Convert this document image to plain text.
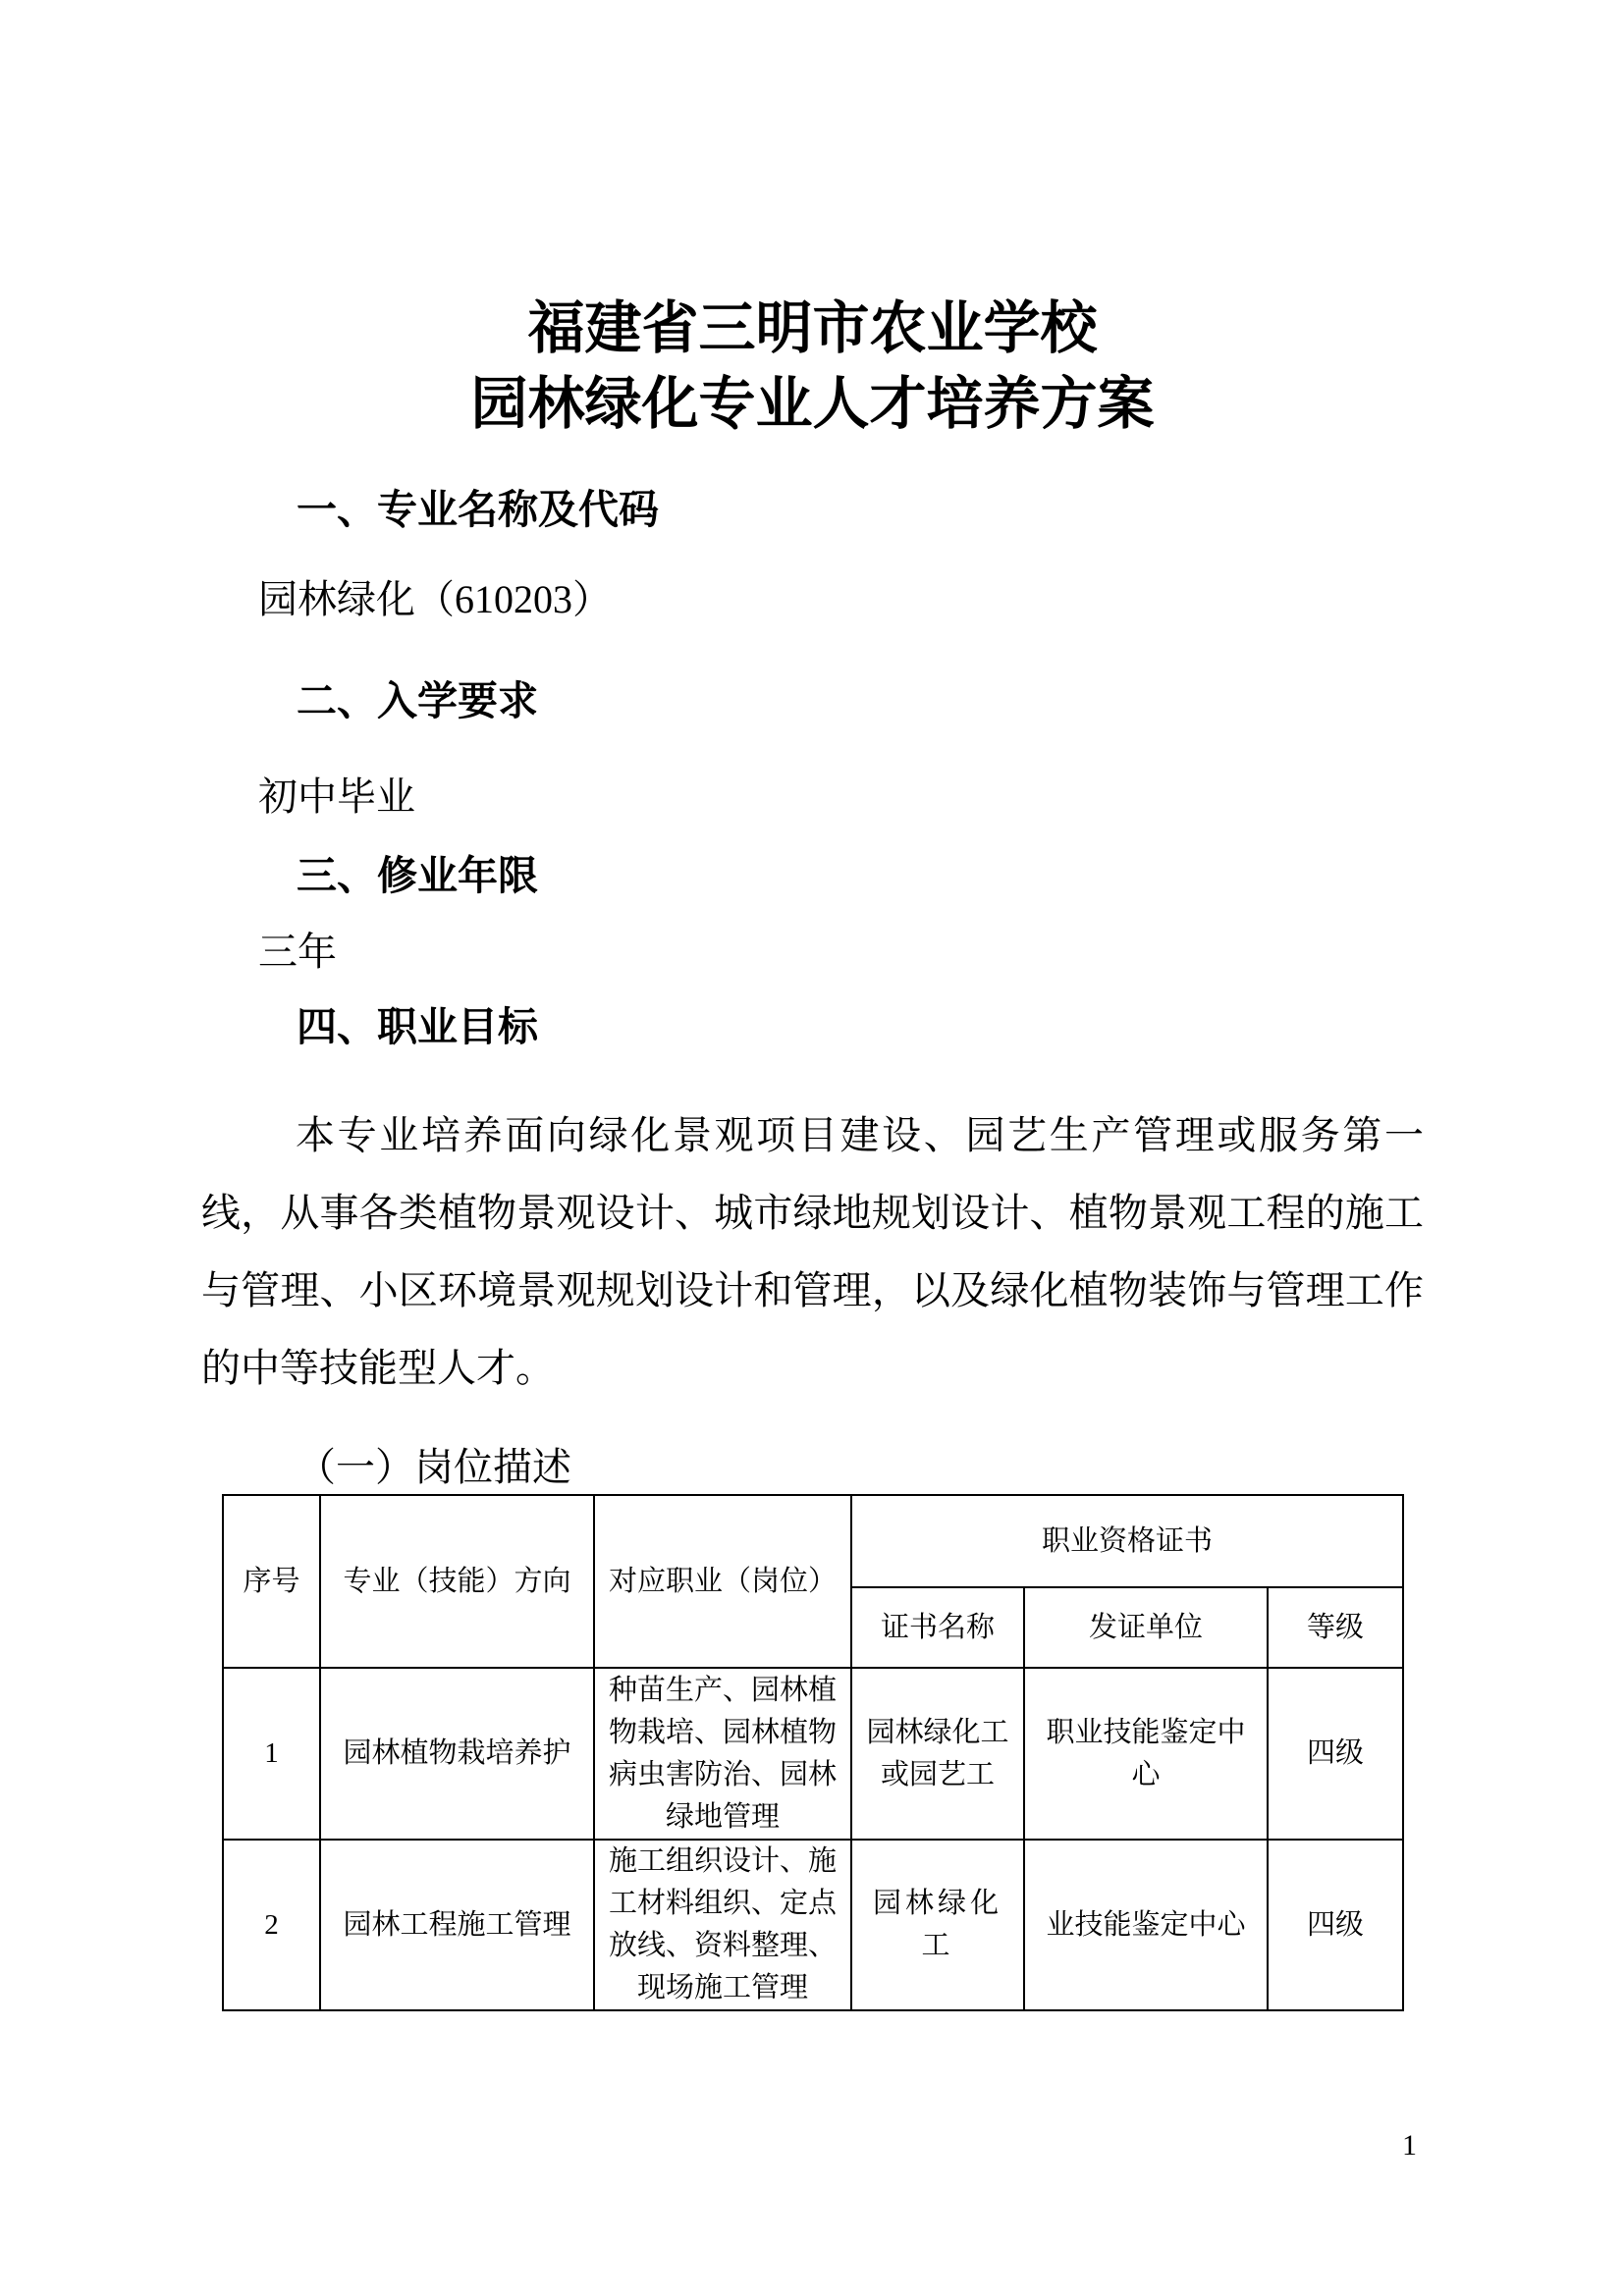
福建省三明市农业学校
园林绿化专业人才培养方案
一、专业名称及代码
园林绿化（610203）
二、入学要求
初中毕业
三、修业年限
三年
四、职业目标
本专业培养面向绿化景观项目建设、园艺生产管理或服务第一线，从事各类植物景观设计、城市绿地规划设计、植物景观工程的施工与管理、小区环境景观规划设计和管理，以及绿化植物装饰与管理工作的中等技能型人才。
（一）岗位描述
序号	专业（技能）方向	对应职业（岗位）	职业资格证书		
			证书名称	发证单位	等级
1	园林植物栽培养护	种苗生产、园林植物栽培、园林植物病虫害防治、园林绿地管理	园林绿化工或园艺工	职业技能鉴定中心	四级
2	园林工程施工管理	施工组织设计、施工材料组织、定点放线、资料整理、现场施工管理	园林绿化工	业技能鉴定中心	四级
1
